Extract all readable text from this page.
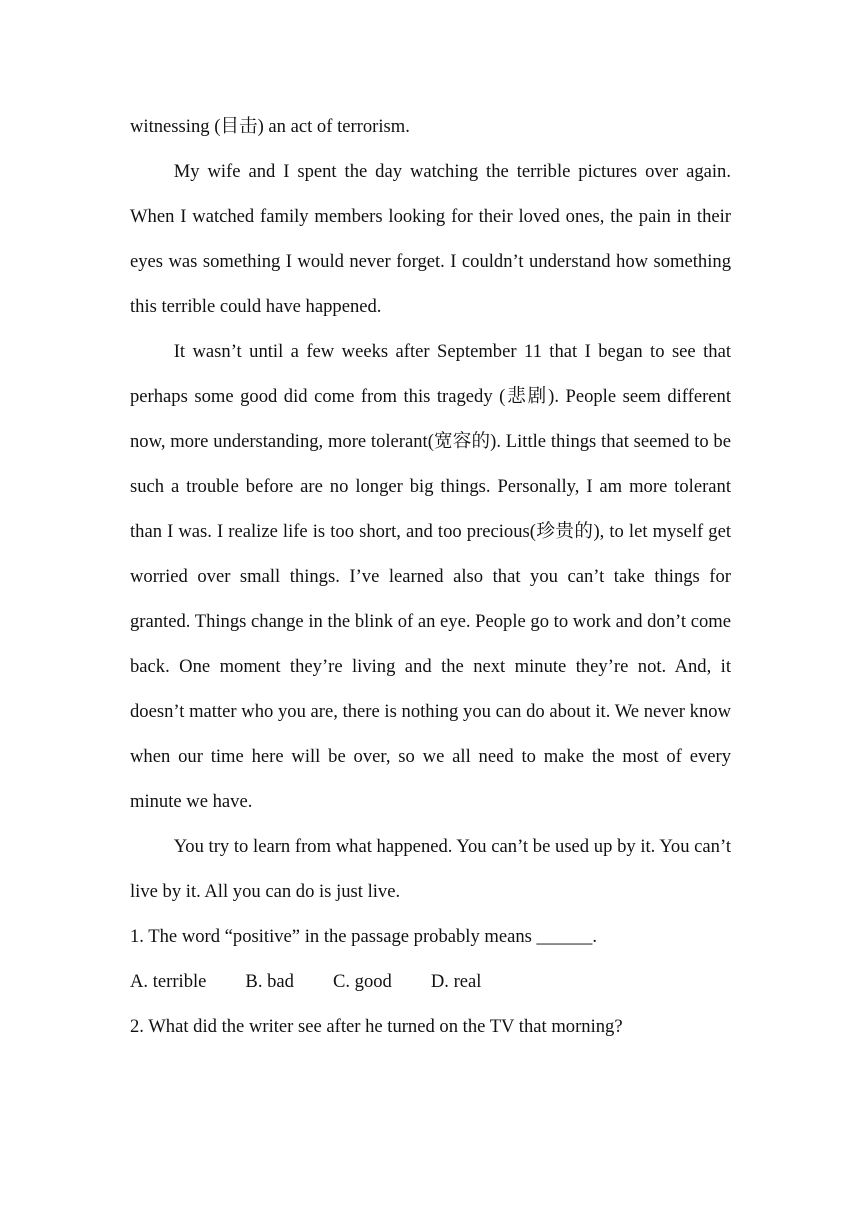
witnessing (目击) an act of terrorism.

My wife and I spent the day watching the terrible pictures over again. When I watched family members looking for their loved ones, the pain in their eyes was something I would never forget. I couldn’t understand how something this terrible could have happened.

It wasn’t until a few weeks after September 11 that I began to see that perhaps some good did come from this tragedy (悲剧). People seem different now, more understanding, more tolerant(宽容的). Little things that seemed to be such a trouble before are no longer big things. Personally, I am more tolerant than I was. I realize life is too short, and too precious(珍贵的), to let myself get worried over small things. I’ve learned also that you can’t take things for granted. Things change in the blink of an eye. People go to work and don’t come back. One moment they’re living and the next minute they’re not. And, it doesn’t matter who you are, there is nothing you can do about it. We never know when our time here will be over, so we all need to make the most of every minute we have.

You try to learn from what happened. You can’t be used up by it. You can’t live by it. All you can do is just live.

1. The word “positive” in the passage probably means ______.

A. terrible B. bad C. good D. real

2. What did the writer see after he turned on the TV that morning?
